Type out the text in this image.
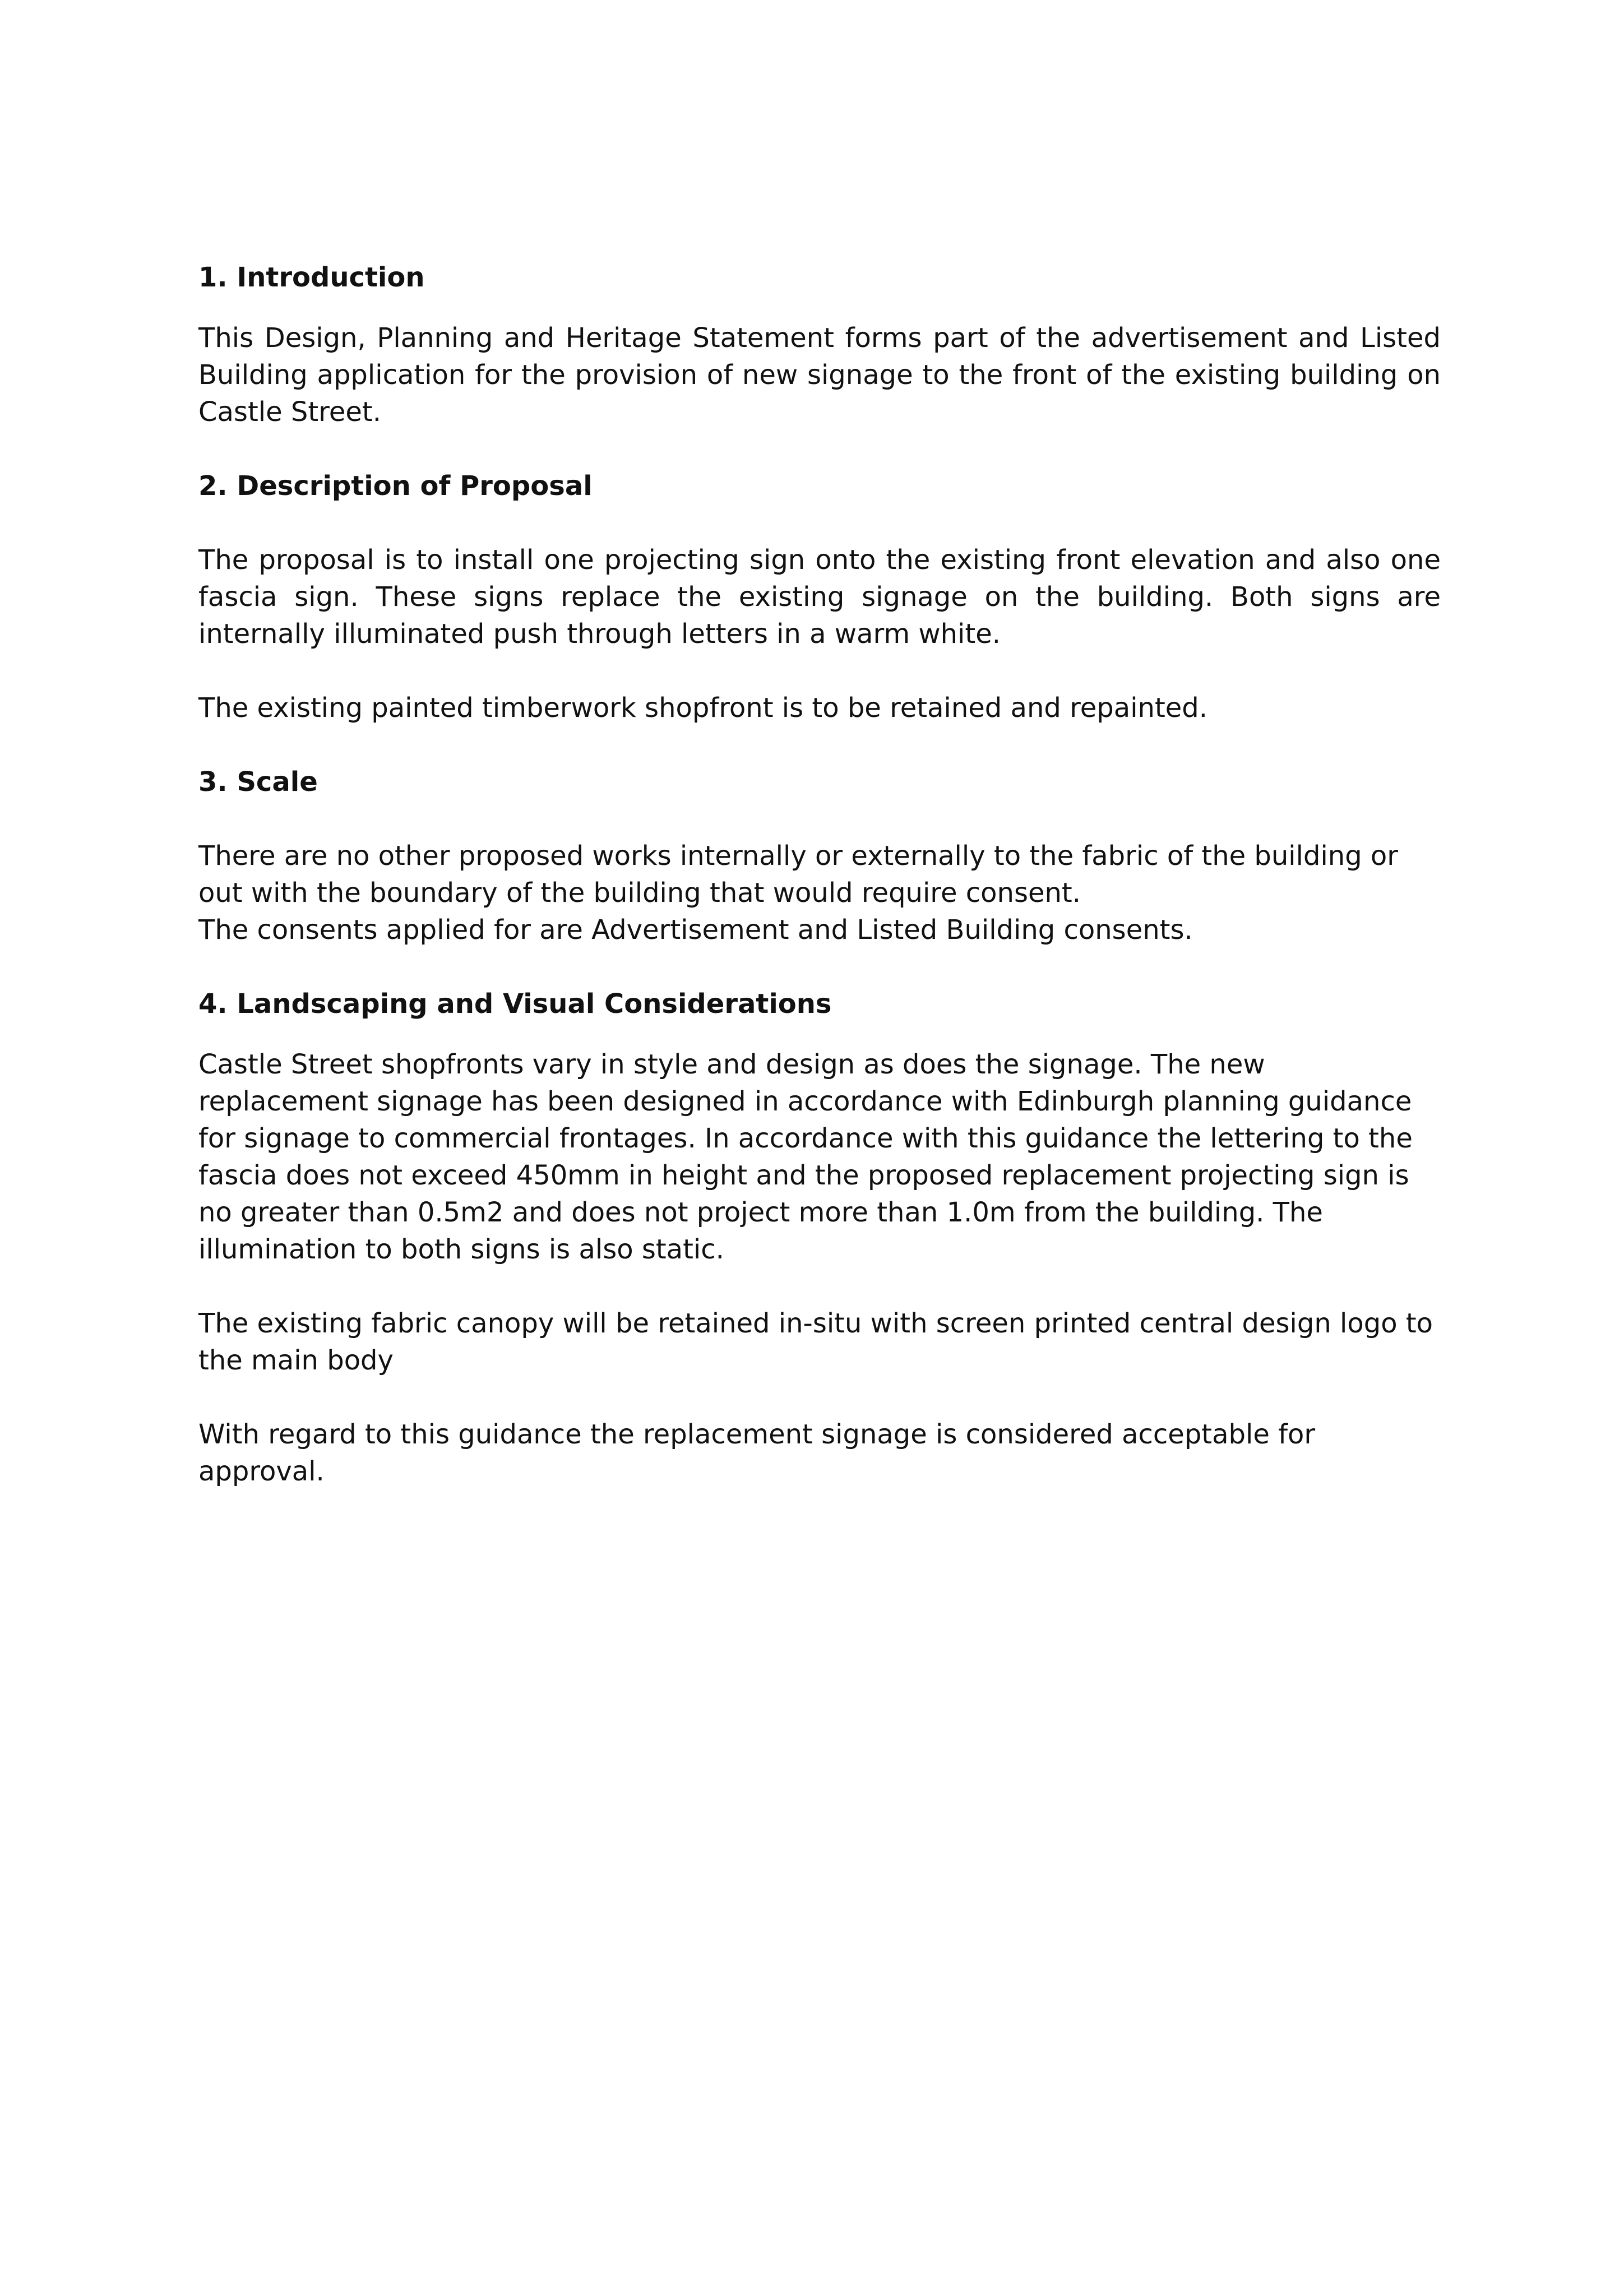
1. Introduction

This Design, Planning and Heritage Statement forms part of the advertisement and Listed Building application for the provision of new signage to the front of the existing building on Castle Street.

2. Description of Proposal

The proposal is to install one projecting sign onto the existing front elevation and also one fascia sign. These signs replace the existing signage on the building. Both signs are internally illuminated push through letters in a warm white.

The existing painted timberwork shopfront is to be retained and repainted.

3. Scale

There are no other proposed works internally or externally to the fabric of the building or out with the boundary of the building that would require consent.

The consents applied for are Advertisement and Listed Building consents.

4. Landscaping and Visual Considerations

Castle Street shopfronts vary in style and design as does the signage. The new replacement signage has been designed in accordance with Edinburgh planning guidance for signage to commercial frontages. In accordance with this guidance the lettering to the fascia does not exceed 450mm in height and the proposed replacement projecting sign is no greater than 0.5m2 and does not project more than 1.0m from the building. The illumination to both signs is also static.

The existing fabric canopy will be retained in-situ with screen printed central design logo to the main body

With regard to this guidance the replacement signage is considered acceptable for approval.
